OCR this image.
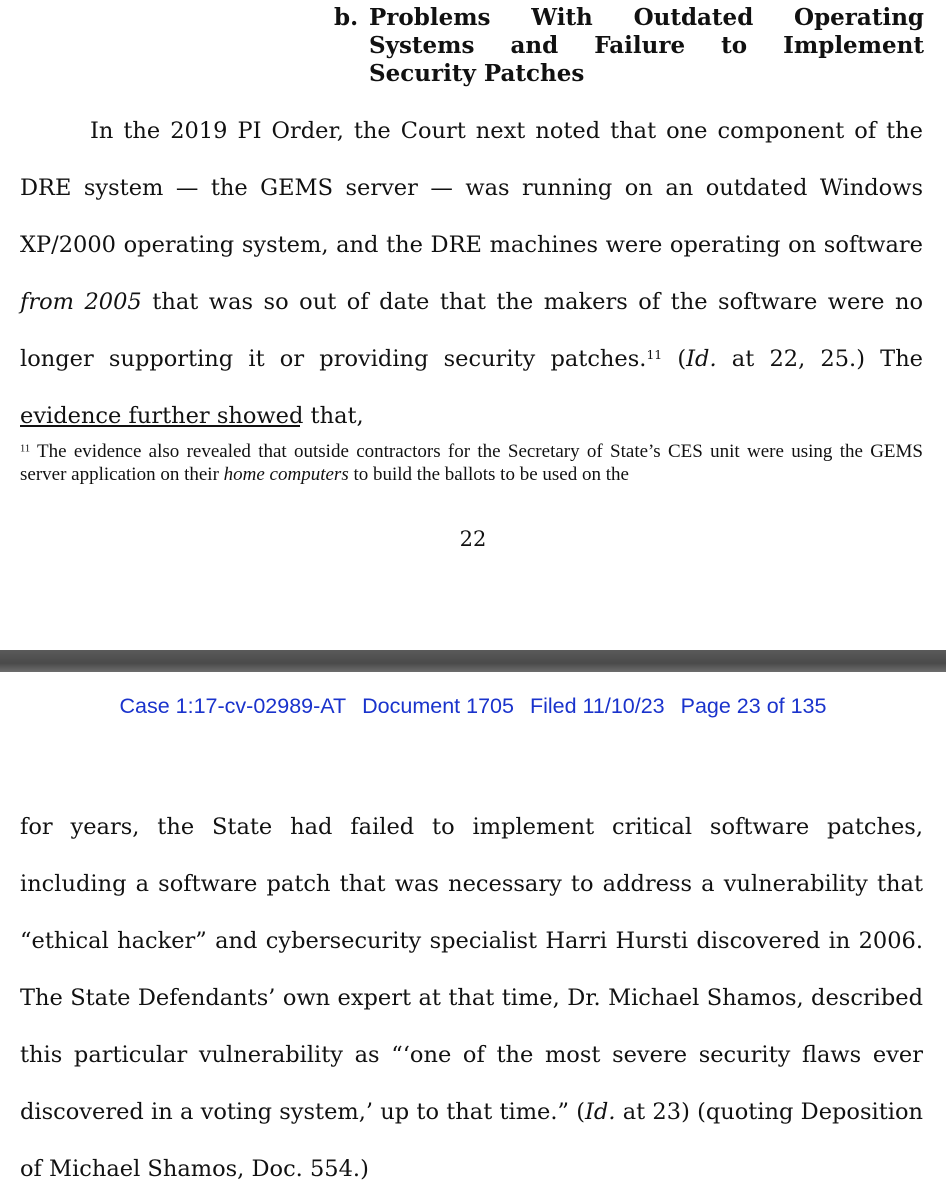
b. Problems With Outdated Operating Systems and Failure to Implement Security Patches
In the 2019 PI Order, the Court next noted that one component of the DRE system — the GEMS server — was running on an outdated Windows XP/2000 operating system, and the DRE machines were operating on software from 2005 that was so out of date that the makers of the software were no longer supporting it or providing security patches.$^{11}$ (Id. at 22, 25.) The evidence further showed that,
$^{11}$ The evidence also revealed that outside contractors for the Secretary of State’s CES unit were using the GEMS server application on their home computers to build the ballots to be used on the
22
Case 1:17-cv-02989-AT Document 1705 Filed 11/10/23 Page 23 of 135
for years, the State had failed to implement critical software patches, including a software patch that was necessary to address a vulnerability that “ethical hacker” and cybersecurity specialist Harri Hursti discovered in 2006. The State Defendants’ own expert at that time, Dr. Michael Shamos, described this particular vulnerability as “‘one of the most severe security flaws ever discovered in a voting system,’ up to that time.” (Id. at 23) (quoting Deposition of Michael Shamos, Doc. 554.)
